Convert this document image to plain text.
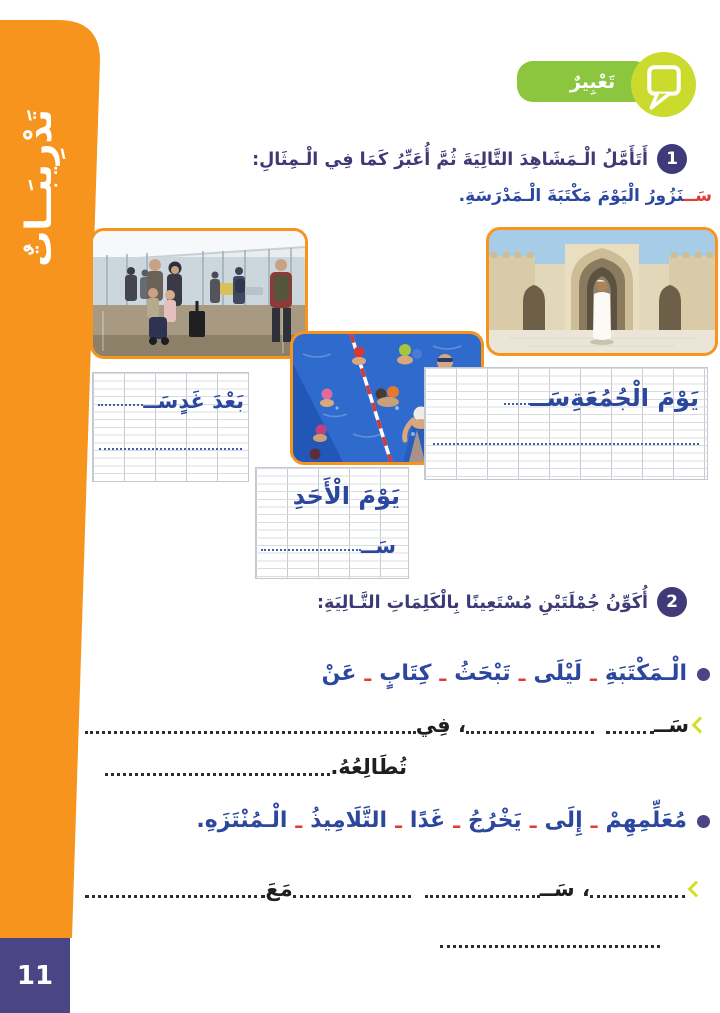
تَدْرِيبَــاتٌ
11
تَعْبِيرٌ
1
أَتَأَمَّلُ الْـمَشَاهِدَ التَّالِيَةَ ثُمَّ أُعَبِّرُ كَمَا فِي الْـمِثَالِ:
سَــنَزُورُ الْيَوْمَ مَكْتَبَةَ الْـمَدْرَسَةِ.
بَعْدَ غَدٍ
سَــ	يَوْمَ الْجُمُعَةِ
سَــ
يَوْمَ الْأَحَدِ
سَــ
2
أُكَوِّنُ جُمْلَتَيْنِ مُسْتَعِينًا بِالْكَلِمَاتِ التَّـالِيَةِ:
الْـمَكْتَبَةِ
ـ
لَيْلَى
ـ
تَبْحَثُ
ـ
كِتَابٍ
ـ
عَنْ
سَــ
، فِي
تُطَالِعُهُ.
مُعَلِّمِهِمْ
ـ
إِلَى
ـ
يَخْرُجُ
ـ
غَدًا
ـ
التَّلَامِيذُ
ـ
الْـمُنْتَزَهِ.
، سَــ
مَعَ
